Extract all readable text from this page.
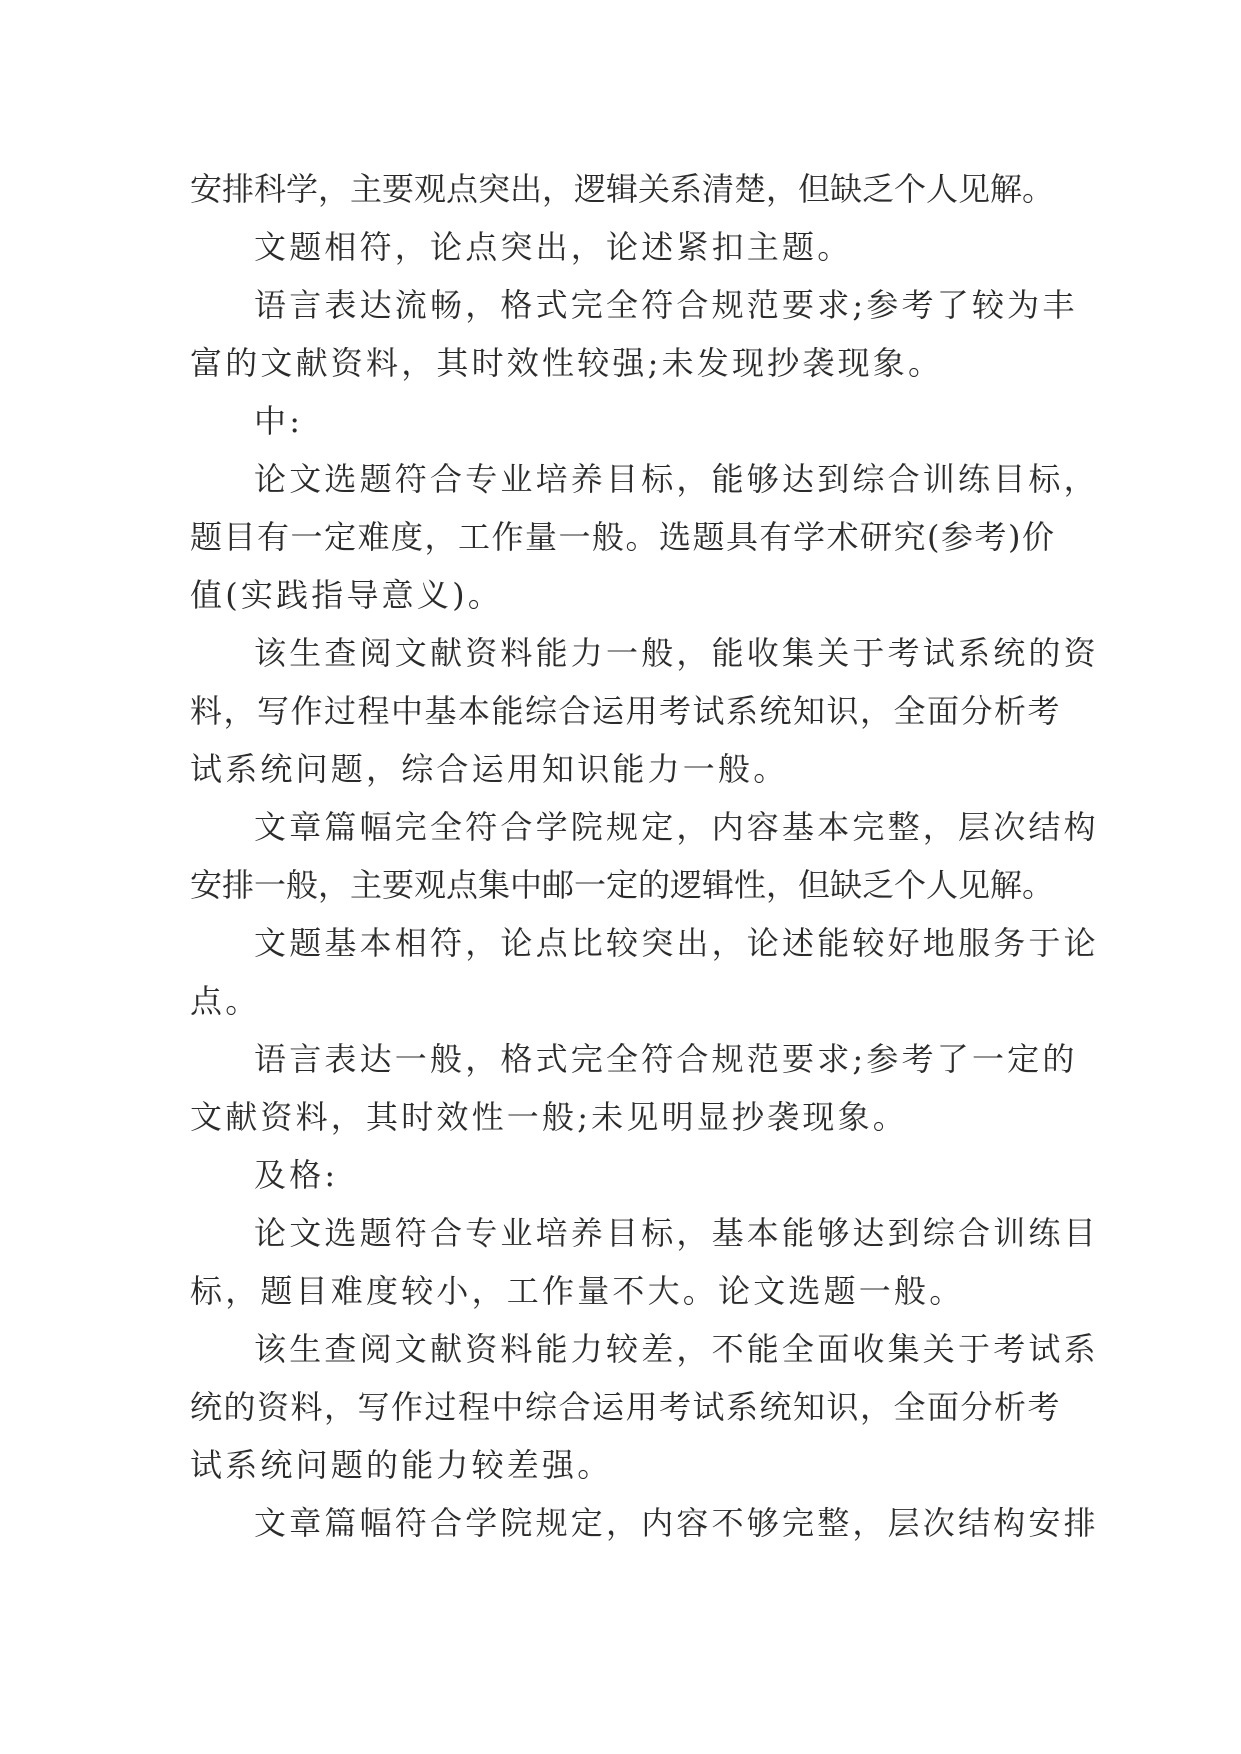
安排科学，主要观点突出，逻辑关系清楚，但缺乏个人见解。
文题相符，论点突出，论述紧扣主题。
语言表达流畅，格式完全符合规范要求;参考了较为丰
富的文献资料，其时效性较强;未发现抄袭现象。
中:
论文选题符合专业培养目标，能够达到综合训练目标，
题目有一定难度，工作量一般。选题具有学术研究(参考)价
值(实践指导意义)。
该生查阅文献资料能力一般，能收集关于考试系统的资
料，写作过程中基本能综合运用考试系统知识，全面分析考
试系统问题，综合运用知识能力一般。
文章篇幅完全符合学院规定，内容基本完整，层次结构
安排一般，主要观点集中邮一定的逻辑性，但缺乏个人见解。
文题基本相符，论点比较突出，论述能较好地服务于论
点。
语言表达一般，格式完全符合规范要求;参考了一定的
文献资料，其时效性一般;未见明显抄袭现象。
及格:
论文选题符合专业培养目标，基本能够达到综合训练目
标，题目难度较小，工作量不大。论文选题一般。
该生查阅文献资料能力较差，不能全面收集关于考试系
统的资料，写作过程中综合运用考试系统知识，全面分析考
试系统问题的能力较差强。
文章篇幅符合学院规定，内容不够完整，层次结构安排
